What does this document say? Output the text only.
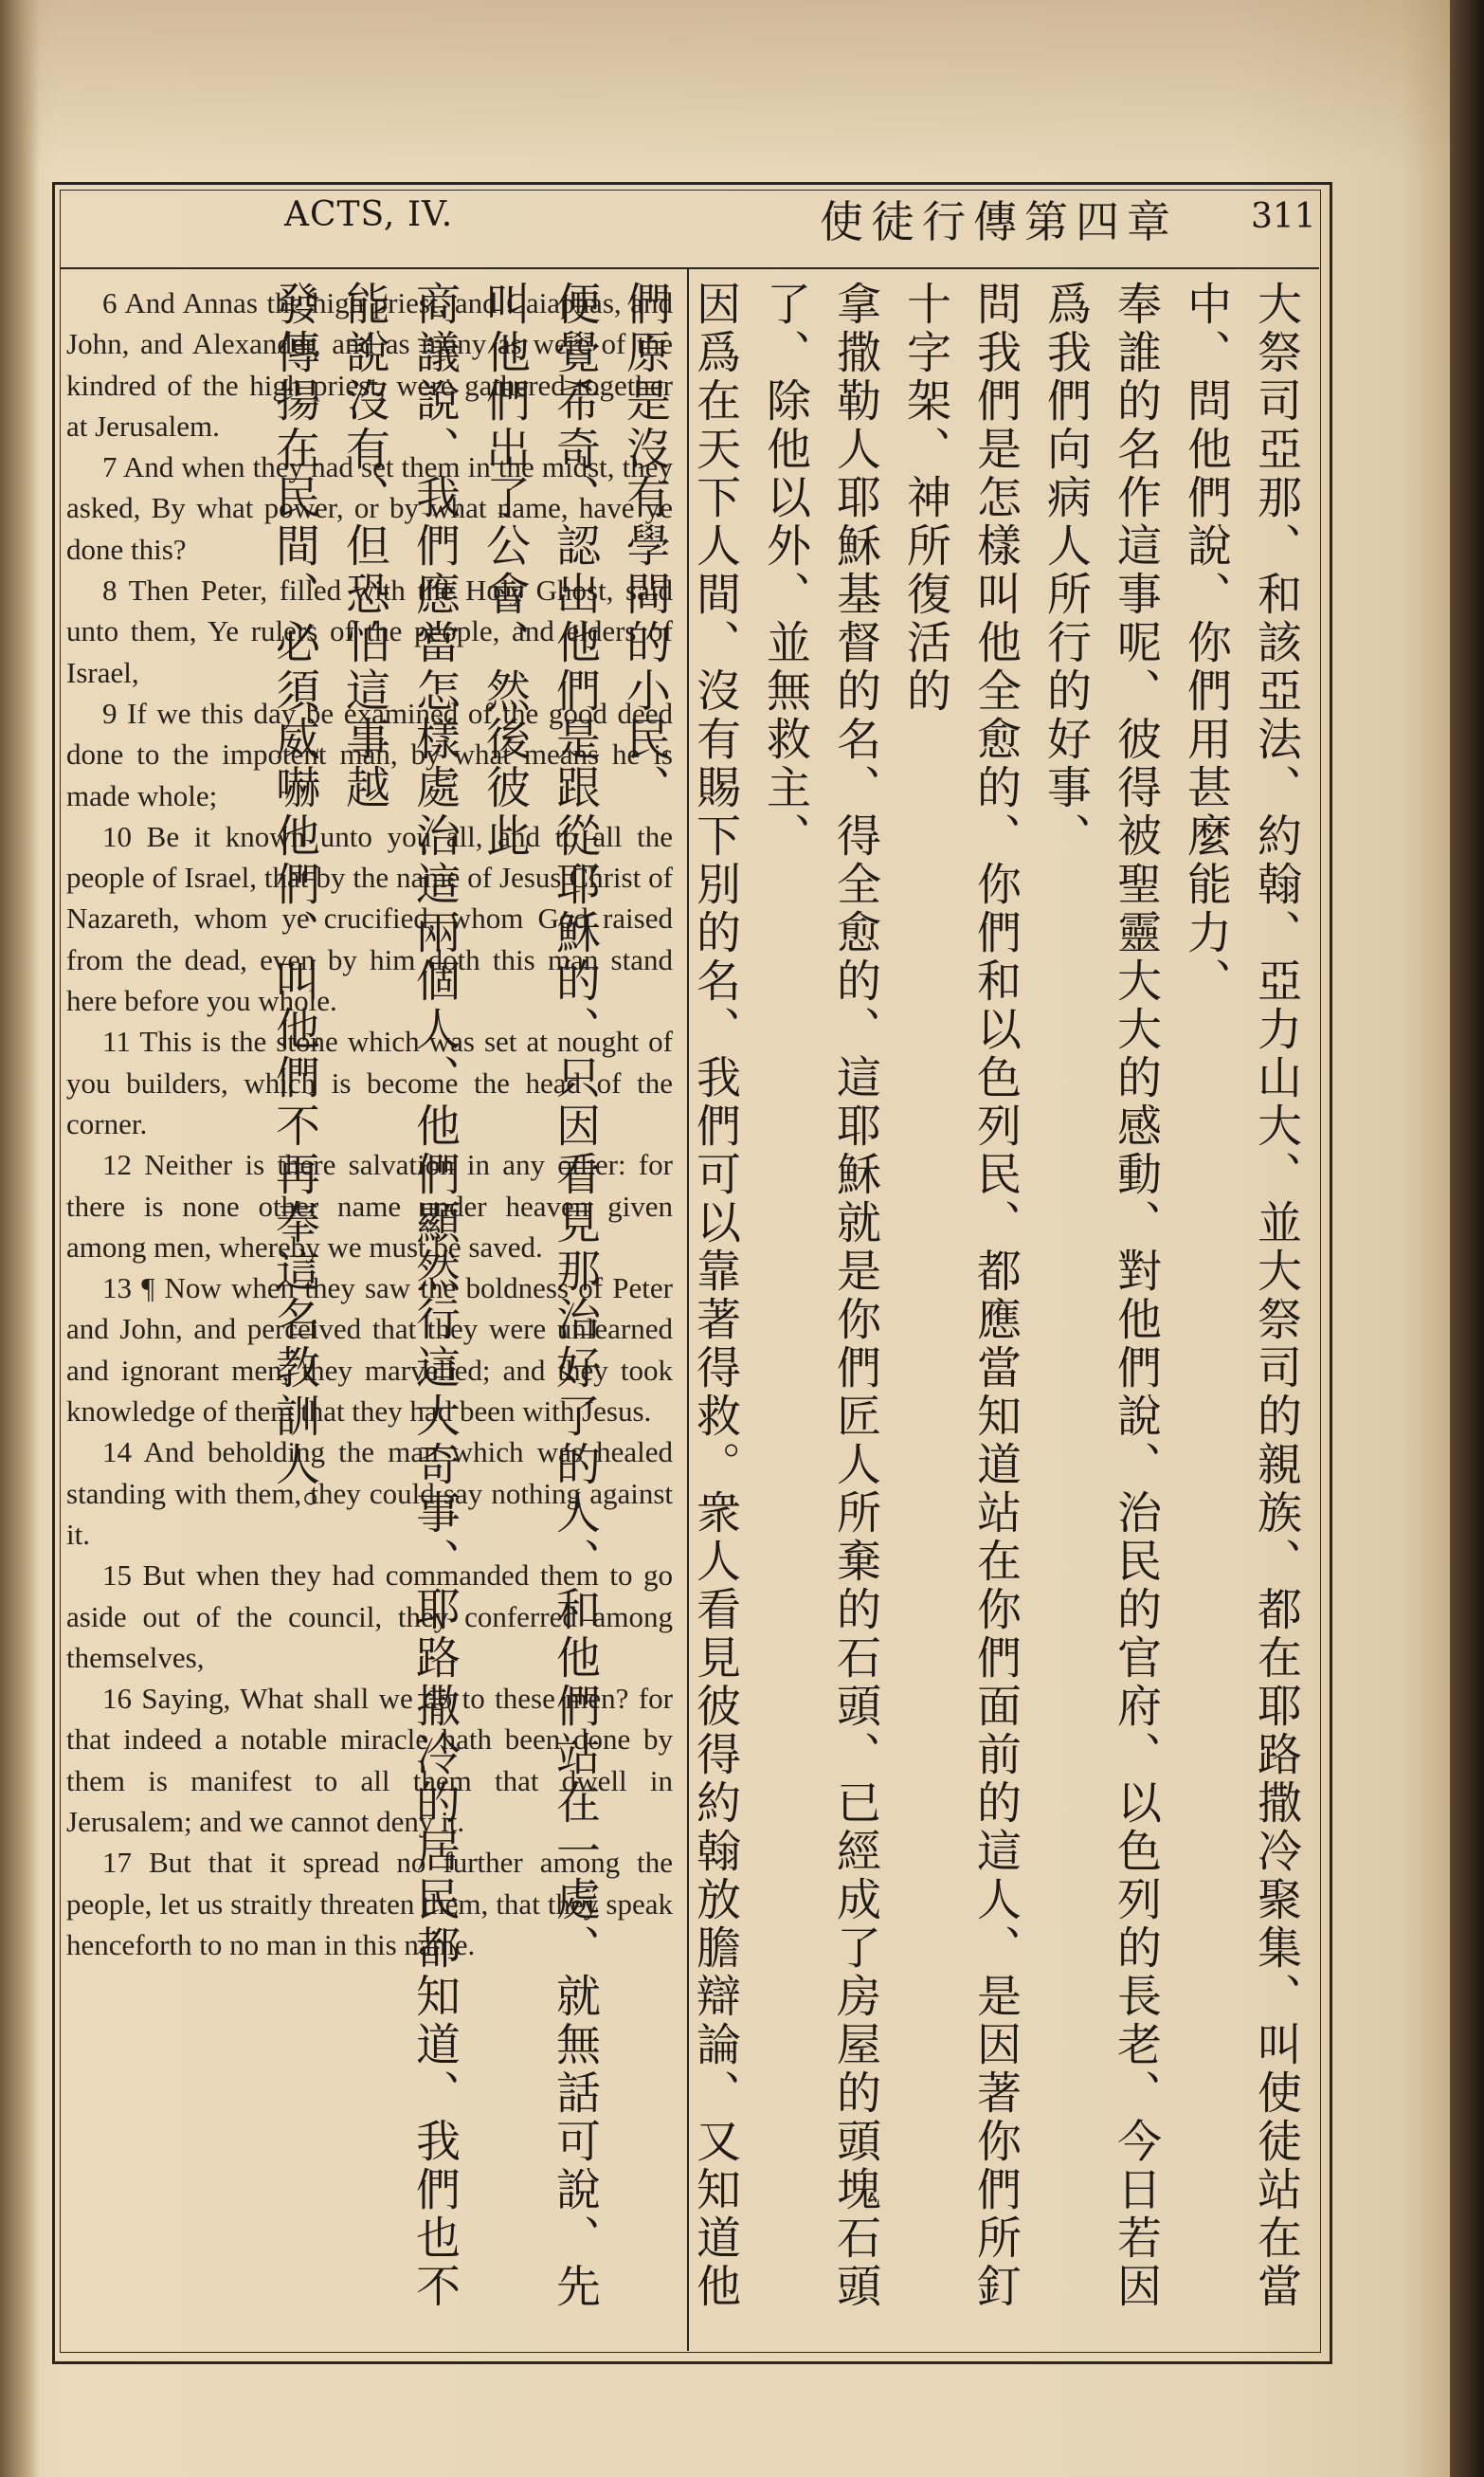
ACTS, IV.	使徒行傳第四章 311

6 And Annas the high priest, and Caiaphas, and John, and Alexander, and as many as were of the kindred of the high priest, were gathered together at Jerusalem.

7 And when they had set them in the midst, they asked, By what power, or by what name, have ye done this?

8 Then Peter, filled with the Holy Ghost, said unto them, Ye rulers of the people, and elders of Israel,

9 If we this day be examined of the good deed done to the impotent man, by what means he is made whole;

10 Be it known unto you all, and to all the people of Israel, that by the name of Jesus Christ of Nazareth, whom ye crucified, whom God raised from the dead, even by him doth this man stand here before you whole.

11 This is the stone which was set at nought of you builders, which is become the head of the corner.

12 Neither is there salvation in any other: for there is none other name under heaven given among men, whereby we must be saved.

13 ¶ Now when they saw the boldness of Peter and John, and perceived that they were unlearned and ignorant men, they marvelled; and they took knowledge of them that they had been with Jesus.

14 And beholding the man which was healed standing with them, they could say nothing against it.

15 But when they had commanded them to go aside out of the council, they conferred among themselves,

16 Saying, What shall we do to these men? for that indeed a notable miracle hath been done by them is manifest to all them that dwell in Jerusalem; and we cannot deny it.

17 But that it spread no further among the people, let us straitly threaten them, that they speak henceforth to no man in this name.	大祭司亞那、和該亞法、約翰、亞力山大、並大祭司的親族、都在耶路撒冷聚集、叫使徒站在當中、問他們說、你們用甚麼能力、

奉誰的名作這事呢、彼得被聖靈大大的感動、對他們說、治民的官府、以色列的長老、今日若因爲我們向病人所行的好事、

問我們是怎樣叫他全愈的、你們和以色列民、都應當知道站在你們面前的這人、是因著你們所釘十字架、神所復活的

拿撒勒人耶穌基督的名、得全愈的、這耶穌就是你們匠人所棄的石頭、已經成了房屋的頭塊石頭了、除他以外、並無救主、

因爲在天下人間、沒有賜下別的名、我們可以靠著得救。衆人看見彼得約翰放膽辯論、又知道他們原是沒有學問的小民、

便覺希奇、認出他們是跟從耶穌的、只因看見那治好了的人、和他們站在一處、就無話可說、先叫他們出了公會、然後彼此

商議說、我們應當怎樣處治這兩個人、他們顯然行這大奇事、耶路撒冷的居民都知道、我們也不能說沒有、但恐怕這事越

發傳揚在民間、必須威嚇他們、叫他們不再奉這名教訓人。
